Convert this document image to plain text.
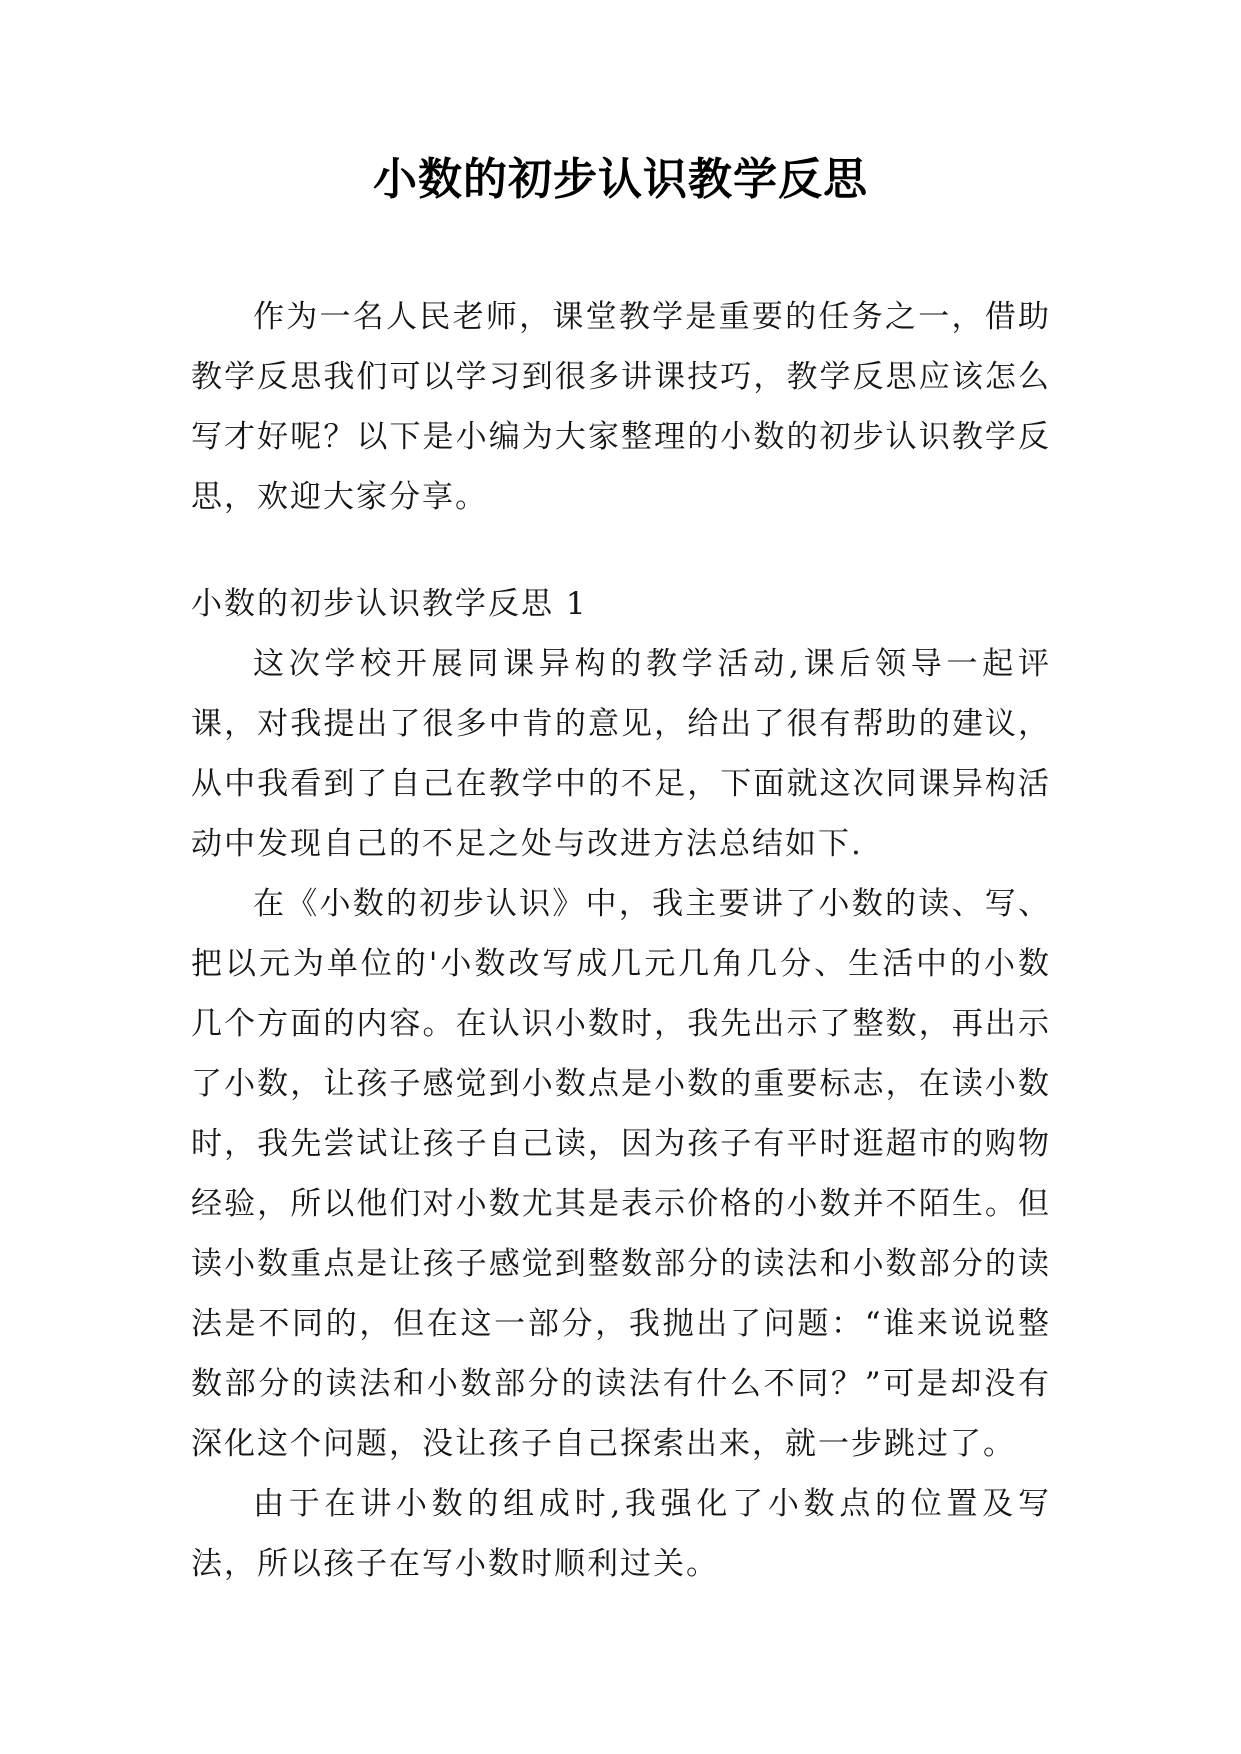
小数的初步认识教学反思

作为一名人民老师，课堂教学是重要的任务之一，借助教学反思我们可以学习到很多讲课技巧，教学反思应该怎么写才好呢？以下是小编为大家整理的小数的初步认识教学反思，欢迎大家分享。

小数的初步认识教学反思 1

这次学校开展同课异构的教学活动,课后领导一起评课，对我提出了很多中肯的意见，给出了很有帮助的建议，从中我看到了自己在教学中的不足，下面就这次同课异构活动中发现自己的不足之处与改进方法总结如下.

在《小数的初步认识》中，我主要讲了小数的读、写、把以元为单位的'小数改写成几元几角几分、生活中的小数几个方面的内容。在认识小数时，我先出示了整数，再出示了小数，让孩子感觉到小数点是小数的重要标志，在读小数时，我先尝试让孩子自己读，因为孩子有平时逛超市的购物经验，所以他们对小数尤其是表示价格的小数并不陌生。但读小数重点是让孩子感觉到整数部分的读法和小数部分的读法是不同的，但在这一部分，我抛出了问题：“谁来说说整数部分的读法和小数部分的读法有什么不同？”可是却没有深化这个问题，没让孩子自己探索出来，就一步跳过了。

由于在讲小数的组成时,我强化了小数点的位置及写法，所以孩子在写小数时顺利过关。
